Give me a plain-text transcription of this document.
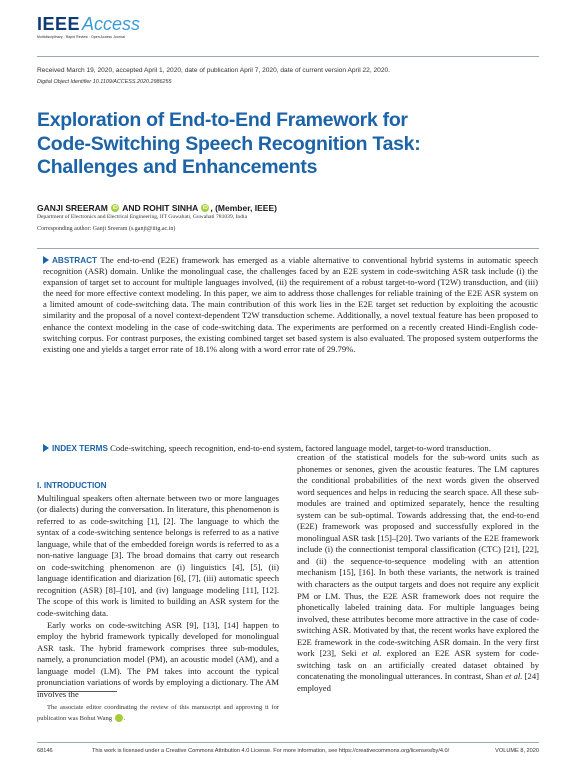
IEEE Access
Multidisciplinary : Rapid Review : Open Access Journal
Received March 19, 2020, accepted April 1, 2020, date of publication April 7, 2020, date of current version April 22, 2020.
Digital Object Identifier 10.1109/ACCESS.2020.2986255
Exploration of End-to-End Framework for Code-Switching Speech Recognition Task: Challenges and Enhancements
GANJI SREERAM iD AND ROHIT SINHA iD , (Member, IEEE)
Department of Electronics and Electrical Engineering, IIT Guwahati, Guwahati 781039, India
Corresponding author: Ganji Sreeram (s.ganji@iitg.ac.in)
ABSTRACT The end-to-end (E2E) framework has emerged as a viable alternative to conventional hybrid systems in automatic speech recognition (ASR) domain. Unlike the monolingual case, the challenges faced by an E2E system in code-switching ASR task include (i) the expansion of target set to account for multiple languages involved, (ii) the requirement of a robust target-to-word (T2W) transduction, and (iii) the need for more effective context modeling. In this paper, we aim to address those challenges for reliable training of the E2E ASR system on a limited amount of code-switching data. The main contribution of this work lies in the E2E target set reduction by exploiting the acoustic similarity and the proposal of a novel context-dependent T2W transduction scheme. Additionally, a novel textual feature has been proposed to enhance the context modeling in the case of code-switching data. The experiments are performed on a recently created Hindi-English code-switching corpus. For contrast purposes, the existing combined target set based system is also evaluated. The proposed system outperforms the existing one and yields a target error rate of 18.1% along with a word error rate of 29.79%.
INDEX TERMS Code-switching, speech recognition, end-to-end system, factored language model, target-to-word transduction.
I. INTRODUCTION

Multilingual speakers often alternate between two or more languages (or dialects) during the conversation. In literature, this phenomenon is referred to as code-switching [1], [2]. The language to which the syntax of a code-switching sentence belongs is referred to as a native language, while that of the embedded foreign words is referred to as a non-native language [3]. The broad domains that carry out research on code-switching phenomenon are (i) linguistics [4], [5], (ii) language identification and diarization [6], [7], (iii) automatic speech recognition (ASR) [8]–[10], and (iv) language modeling [11], [12]. The scope of this work is limited to building an ASR system for the code-switching data.

Early works on code-switching ASR [9], [13], [14] happen to employ the hybrid framework typically developed for monolingual ASR task. The hybrid framework comprises three sub-modules, namely, a pronunciation model (PM), an acoustic model (AM), and a language model (LM). The PM takes into account the typical pronunciation variations of words by employing a dictionary. The AM involves the

creation of the statistical models for the sub-word units such as phonemes or senones, given the acoustic features. The LM captures the conditional probabilities of the next words given the observed word sequences and helps in reducing the search space. All these sub-modules are trained and optimized separately, hence the resulting system can be sub-optimal. Towards addressing that, the end-to-end (E2E) framework was proposed and successfully explored in the monolingual ASR task [15]–[20]. Two variants of the E2E framework include (i) the connectionist temporal classification (CTC) [21], [22], and (ii) the sequence-to-sequence modeling with an attention mechanism [15], [16]. In both these variants, the network is trained with characters as the output targets and does not require any explicit PM or LM. Thus, the E2E ASR framework does not require the phonetically labeled training data. For multiple languages being involved, these attributes become more attractive in the case of code-switching ASR. Motivated by that, the recent works have explored the E2E framework in the code-switching ASR domain. In the very first work [23], Seki et al. explored an E2E ASR system for code-switching task on an artificially created dataset obtained by concatenating the monolingual utterances. In contrast, Shan et al. [24] employed

The associate editor coordinating the review of this manuscript and approving it for publication was Bohui Wang	iD
68146	This work is licensed under a Creative Commons Attribution 4.0 License. For more information, see https://creativecommons.org/licenses/by/4.0/	VOLUME 8, 2020
